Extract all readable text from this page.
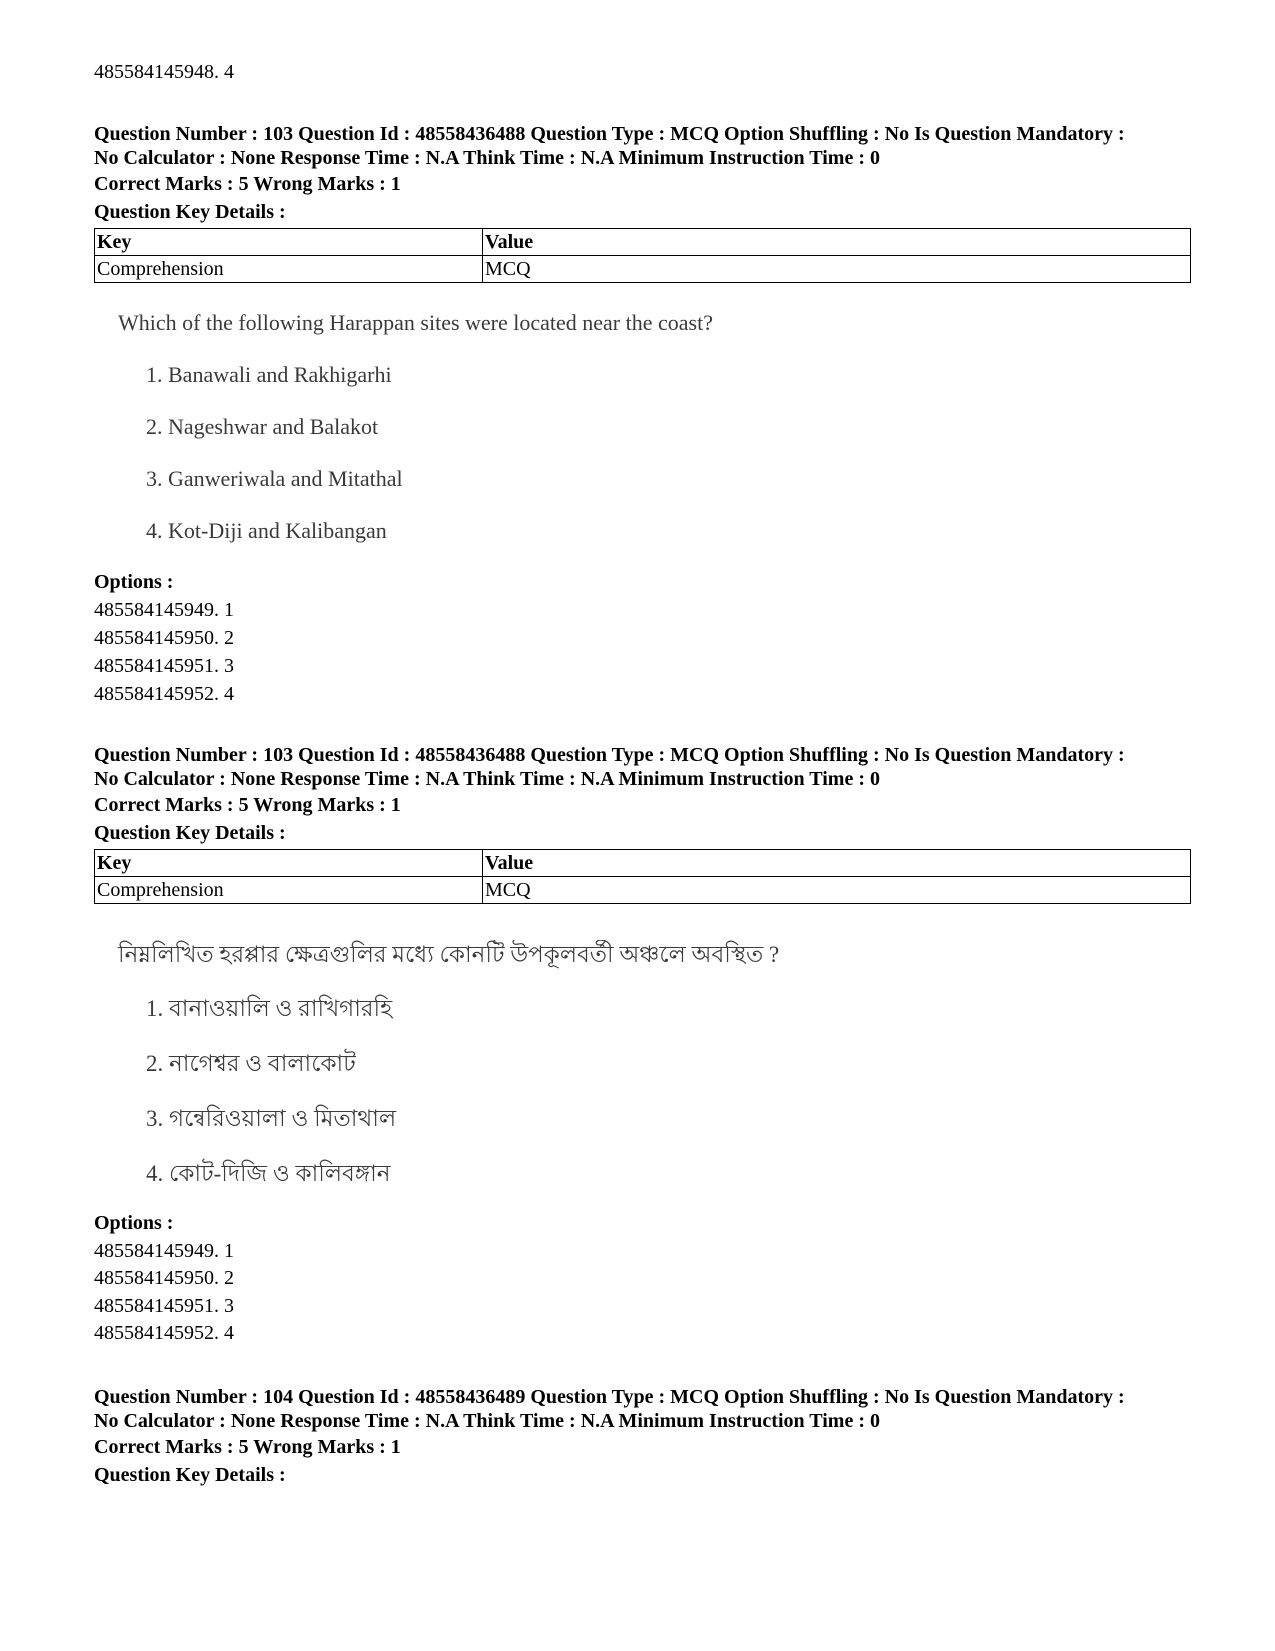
485584145948. 4
Question Number : 103 Question Id : 48558436488 Question Type : MCQ Option Shuffling : No Is Question Mandatory :
No Calculator : None Response Time : N.A Think Time : N.A Minimum Instruction Time : 0
Correct Marks : 5 Wrong Marks : 1
Question Key Details :
Key	Value
Comprehension	MCQ
Which of the following Harappan sites were located near the coast?
1. Banawali and Rakhigarhi
2. Nageshwar and Balakot
3. Ganweriwala and Mitathal
4. Kot-Diji and Kalibangan
Options :
485584145949. 1
485584145950. 2
485584145951. 3
485584145952. 4
Question Number : 103 Question Id : 48558436488 Question Type : MCQ Option Shuffling : No Is Question Mandatory :
No Calculator : None Response Time : N.A Think Time : N.A Minimum Instruction Time : 0
Correct Marks : 5 Wrong Marks : 1
Question Key Details :
Key	Value
Comprehension	MCQ
নিম্নলিখিত হরপ্পার ক্ষেত্রগুলির মধ্যে কোনটি উপকূলবর্তী অঞ্চলে অবস্থিত ?
1. বানাওয়ালি ও রাখিগারহি
2. নাগেশ্বর ও বালাকোট
3. গন্বেরিওয়ালা ও মিতাথাল
4. কোট-দিজি ও কালিবঙ্গান
Options :
485584145949. 1
485584145950. 2
485584145951. 3
485584145952. 4
Question Number : 104 Question Id : 48558436489 Question Type : MCQ Option Shuffling : No Is Question Mandatory :
No Calculator : None Response Time : N.A Think Time : N.A Minimum Instruction Time : 0
Correct Marks : 5 Wrong Marks : 1
Question Key Details :
